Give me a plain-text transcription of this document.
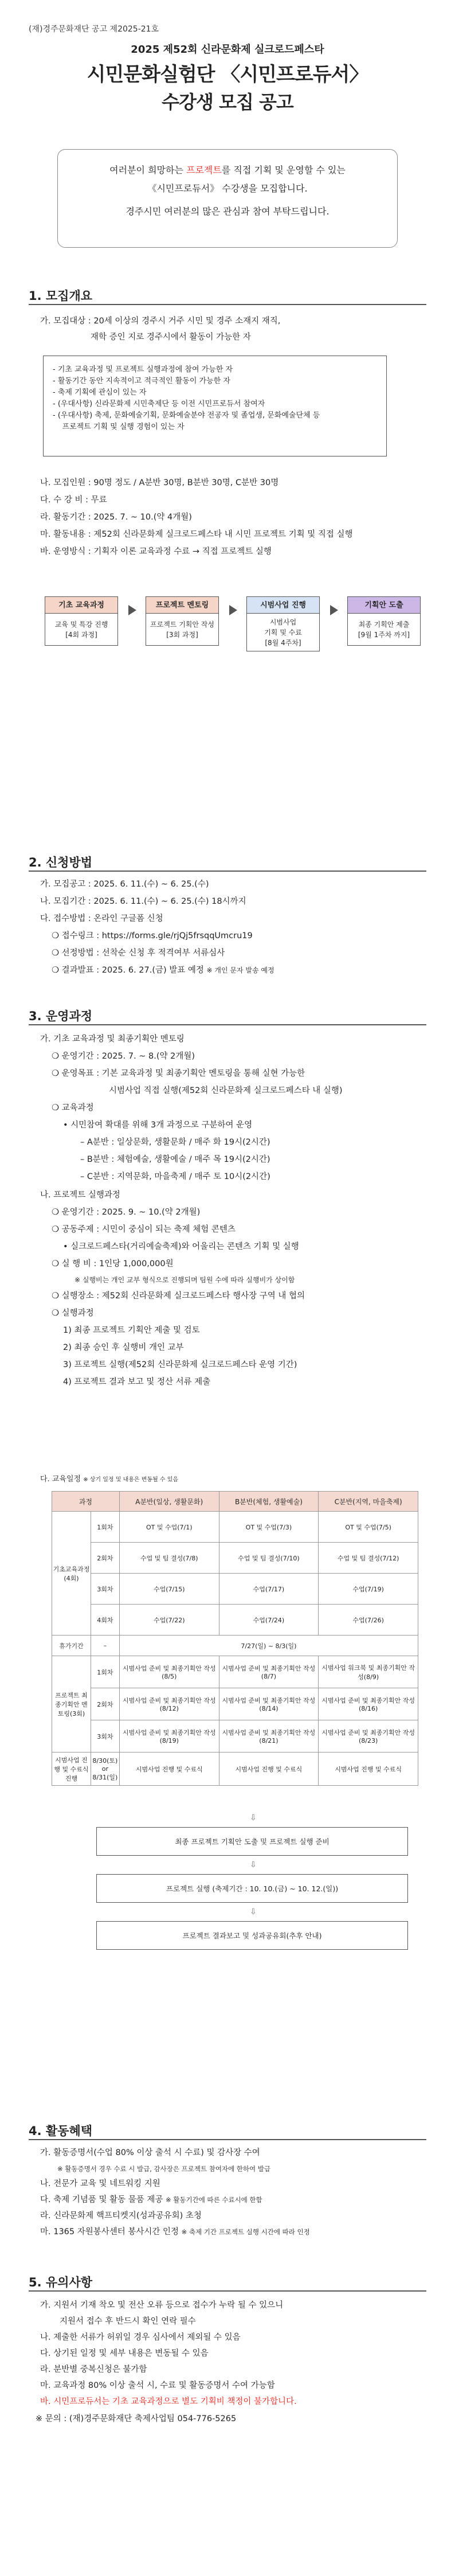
(재)경주문화재단 공고 제2025-21호
2025 제52회 신라문화제 실크로드페스타
시민문화실험단 〈시민프로듀서〉
수강생 모집 공고
여러분이 희망하는 프로젝트를 직접 기획 및 운영할 수 있는
《시민프로듀서》 수강생을 모집합니다.
경주시민 여러분의 많은 관심과 참여 부탁드립니다.
1. 모집개요
가. 모집대상 : 20세 이상의 경주시 거주 시민 및 경주 소재지 재직,
재학 증인 지로 경주시에서 활동이 가능한 자
- 기초 교육과정 및 프로젝트 실행과정에 참여 가능한 자
- 활동기간 동안 지속적이고 적극적인 활동이 가능한 자
- 축제 기획에 관심이 있는 자
- (우대사항) 신라문화제 시민축제단 등 이전 시민프로듀서 참여자
- (우대사항) 축제, 문화예술기획, 문화예술분야 전공자 및 졸업생, 문화예술단체 등
프로젝트 기획 및 실행 경험이 있는 자
나. 모집인원 : 90명 정도 / A분반 30명, B분반 30명, C분반 30명
다. 수 강 비 : 무료
라. 활동기간 : 2025. 7. ~ 10.(약 4개월)
마. 활동내용 : 제52회 신라문화제 실크로드페스타 내 시민 프로젝트 기획 및 직접 실행
바. 운영방식 : 기획자 이론 교육과정 수료 → 직접 프로젝트 실행
기초 교육과정
교육 및 특강 진행
[4회 과정]
프로젝트 멘토링
프로젝트 기획안 작성
[3회 과정]
시범사업 진행
시범사업
기획 및 수료
[8월 4주차]
기획안 도출
최종 기획안 제출
[9월 1주차 까지]
2. 신청방법
가. 모집공고 : 2025. 6. 11.(수) ~ 6. 25.(수)
나. 모집기간 : 2025. 6. 11.(수) ~ 6. 25.(수) 18시까지
다. 접수방법 : 온라인 구글폼 신청
❍ 접수링크 : https://forms.gle/rjQj5frsqqUmcru19
❍ 선정방법 : 선착순 신청 후 적격여부 서류심사
❍ 결과발표 : 2025. 6. 27.(금) 발표 예정 ※ 개인 문자 발송 예정
3. 운영과정
가. 기초 교육과정 및 최종기획안 멘토링
❍ 운영기간 : 2025. 7. ~ 8.(약 2개월)
❍ 운영목표 : 기본 교육과정 및 최종기획안 멘토링을 통해 실현 가능한
시범사업 직접 실행(제52회 신라문화제 실크로드페스타 내 실행)
❍ 교육과정
• 시민참여 확대를 위해 3개 과정으로 구분하여 운영
– A분반 : 일상문화, 생활문화 / 매주 화 19시(2시간)
– B분반 : 체험예술, 생활예술 / 매주 목 19시(2시간)
– C분반 : 지역문화, 마을축제 / 매주 토 10시(2시간)
나. 프로젝트 실행과정
❍ 운영기간 : 2025. 9. ~ 10.(약 2개월)
❍ 공동주제 : 시민이 중심이 되는 축제 체험 콘텐츠
• 실크로드페스타(거리예술축제)와 어울리는 콘텐츠 기획 및 실행
❍ 실 행 비 : 1인당 1,000,000원
※ 실행비는 개인 교부 형식으로 진행되며 팀원 수에 따라 실행비가 상이함
❍ 실행장소 : 제52회 신라문화제 실크로드페스타 행사장 구역 내 협의
❍ 실행과정
1) 최종 프로젝트 기획안 제출 및 검토
2) 최종 승인 후 실행비 개인 교부
3) 프로젝트 실행(제52회 신라문화제 실크로드페스타 운영 기간)
4) 프로젝트 결과 보고 및 정산 서류 제출
다. 교육일정 ※ 상기 일정 및 내용은 변동될 수 있음
과정		A분반(일상, 생활문화)	B분반(체험, 생활예술)	C분반(지역, 마을축제)
기초교육과정(4회)	1회차	OT 및 수업(7/1)	OT 및 수업(7/3)	OT 및 수업(7/5)
	2회차	수업 및 팀 결성(7/8)	수업 및 팀 결성(7/10)	수업 및 팀 결성(7/12)
	3회차	수업(7/15)	수업(7/17)	수업(7/19)
	4회차	수업(7/22)	수업(7/24)	수업(7/26)
휴가기간	–	7/27(일) ~ 8/3(일)		
프로젝트 최종기획안 멘토링(3회)	1회차	시범사업 준비 및 최종기획안 작성(8/5)	시범사업 준비 및 최종기획안 작성(8/7)	시범사업 워크북 및 최종기획안 작성(8/9)
	2회차	시범사업 준비 및 최종기획안 작성(8/12)	시범사업 준비 및 최종기획안 작성(8/14)	시범사업 준비 및 최종기획안 작성(8/16)
	3회차	시범사업 준비 및 최종기획안 작성(8/19)	시범사업 준비 및 최종기획안 작성(8/21)	시범사업 준비 및 최종기획안 작성(8/23)
시범사업 진행 및 수료식 진행	8/30(토) or 8/31(일)	시범사업 진행 및 수료식	시범사업 진행 및 수료식	시범사업 진행 및 수료식
⇩
최종 프로젝트 기획안 도출 및 프로젝트 실행 준비
⇩
프로젝트 실행 (축제기간 : 10. 10.(금) ~ 10. 12.(일))
⇩
프로젝트 결과보고 및 성과공유회(추후 안내)
4. 활동혜택
가. 활동증명서(수업 80% 이상 출석 시 수료) 및 감사장 수여
※ 활동증명서 경우 수료 시 발급, 감사장은 프로젝트 참여자에 한하여 발급
나. 전문가 교육 및 네트워킹 지원
다. 축제 기념품 및 활동 물품 제공 ※ 활동기간에 따른 수료시에 한함
라. 신라문화제 핵프티켓지(성과공유회) 초청
마. 1365 자원봉사센터 봉사시간 인정 ※ 축제 기간 프로젝트 실행 시간에 따라 인정
5. 유의사항
가. 지원서 기재 착오 및 전산 오류 등으로 접수가 누락 될 수 있으니
지원서 접수 후 반드시 확인 연락 필수
나. 제출한 서류가 허위일 경우 심사에서 제외될 수 있음
다. 상기된 일정 및 세부 내용은 변동될 수 있음
라. 분반별 중복신청은 불가함
마. 교육과정 80% 이상 출석 시, 수료 및 활동증명서 수여 가능함
바. 시민프로듀서는 기초 교육과정으로 별도 기획비 책정이 불가합니다.
※ 문의 : (재)경주문화재단 축제사업팀 054-776-5265
